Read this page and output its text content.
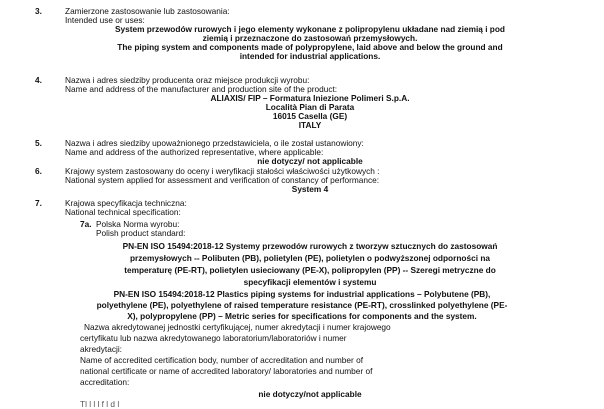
3.	Zamierzone zastosowanie lub zastosowania:
Intended use or uses:
System przewodów rurowych i jego elementy wykonane z polipropylenu układane nad ziemią i pod
ziemią i przeznaczone do zastosowań przemysłowych.
The piping system and components made of polypropylene, laid above and below the ground and
intended for industrial applications.
4.	Nazwa i adres siedziby producenta oraz miejsce produkcji wyrobu:
Name and address of the manufacturer and production site of the product:
ALIAXIS/ FIP – Formatura Iniezione Polimeri S.p.A.
Località Pian di Parata
16015 Casella (GE)
ITALY
5.	Nazwa i adres siedziby upoważnionego przedstawiciela, o ile został ustanowiony:
Name and address of the authorized representative, where applicable:
nie dotyczy/ not applicable
6.	Krajowy system zastosowany do oceny i weryfikacji stałości właściwości użytkowych :
National system applied for assessment and verification of constancy of performance:
System 4
7.	Krajowa specyfikacja techniczna:
National technical specification:
7a. Polska Norma wyrobu:
Polish product standard:
PN-EN ISO 15494:2018-12 Systemy przewodów rurowych z tworzyw sztucznych do zastosowań
przemysłowych -- Polibuten (PB), polietylen (PE), polietylen o podwyższonej odporności na
temperaturę (PE-RT), polietylen usieciowany (PE-X), polipropylen (PP) -- Szeregi metryczne do
specyfikacji elementów i systemu
PN-EN ISO 15494:2018-12 Plastics piping systems for industrial applications – Polybutene (PB),
polyethylene (PE), polyethylene of raised temperature resistance (PE-RT), crosslinked polyethylene (PE-
X), polypropylene (PP) – Metric series for specifications for components and the system.
Nazwa akredytowanej jednostki certyfikującej, numer akredytacji i numer krajowego
certyfikatu lub nazwa akredytowanego laboratorium/laboratoriów i numer
akredytacji:
Name of accredited certification body, number of accreditation and number of
national certificate or name of accredited laboratory/ laboratories and number of
accreditation:
nie dotyczy/not applicable
Tl l l l f l d l
